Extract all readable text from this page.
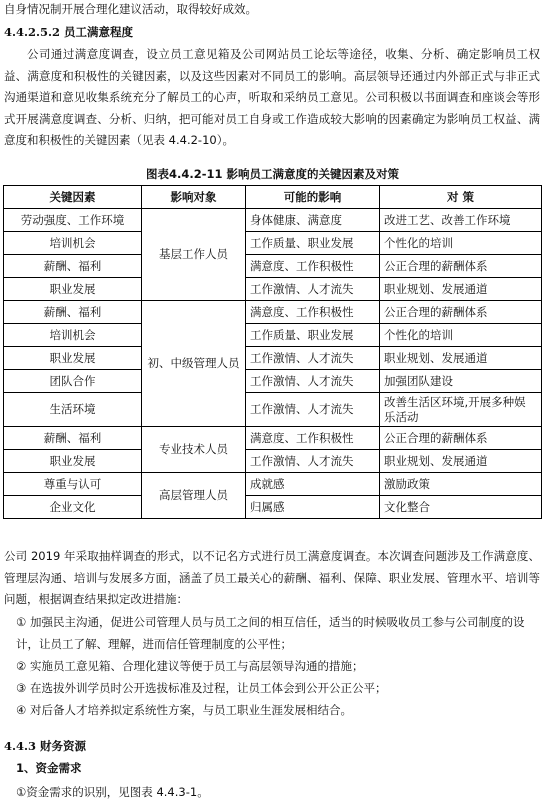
自身情况制开展合理化建议活动，取得较好成效。
4.4.2.5.2 员工满意程度
公司通过满意度调查，设立员工意见箱及公司网站员工论坛等途径，收集、分析、确定影响员工权益、满意度和积极性的关键因素，以及这些因素对不同员工的影响。高层领导还通过内外部正式与非正式沟通渠道和意见收集系统充分了解员工的心声，听取和采纳员工意见。公司积极以书面调查和座谈会等形式开展满意度调查、分析、归纳，把可能对员工自身或工作造成较大影响的因素确定为影响员工权益、满意度和积极性的关键因素（见表 4.4.2-10）。
图表4.4.2-11 影响员工满意度的关键因素及对策
关键因素	影响对象	可能的影响	对 策
劳动强度、工作环境	基层工作人员	身体健康、满意度	改进工艺、改善工作环境
培训机会		工作质量、职业发展	个性化的培训
薪酬、福利		满意度、工作积极性	公正合理的薪酬体系
职业发展		工作激情、人才流失	职业规划、发展通道
薪酬、福利	初、中级管理人员	满意度、工作积极性	公正合理的薪酬体系
培训机会		工作质量、职业发展	个性化的培训
职业发展		工作激情、人才流失	职业规划、发展通道
团队合作		工作激情、人才流失	加强团队建设
生活环境		工作激情、人才流失	改善生活区环境,开展多种娱乐活动
薪酬、福利	专业技术人员	满意度、工作积极性	公正合理的薪酬体系
职业发展		工作激情、人才流失	职业规划、发展通道
尊重与认可	高层管理人员	成就感	激励政策
企业文化		归属感	文化整合
公司 2019 年采取抽样调查的形式，以不记名方式进行员工满意度调查。本次调查问题涉及工作满意度、管理层沟通、培训与发展多方面，涵盖了员工最关心的薪酬、福利、保障、职业发展、管理水平、培训等问题，根据调查结果拟定改进措施：
① 加强民主沟通，促进公司管理人员与员工之间的相互信任，适当的时候吸收员工参与公司制度的设计，让员工了解、理解，进而信任管理制度的公平性；
② 实施员工意见箱、合理化建议等便于员工与高层领导沟通的措施；
③ 在选拔外训学员时公开选拔标准及过程，让员工体会到公开公正公平；
④ 对后备人才培养拟定系统性方案，与员工职业生涯发展相结合。
4.4.3 财务资源
1、资金需求
①资金需求的识别，见图表 4.4.3-1。
